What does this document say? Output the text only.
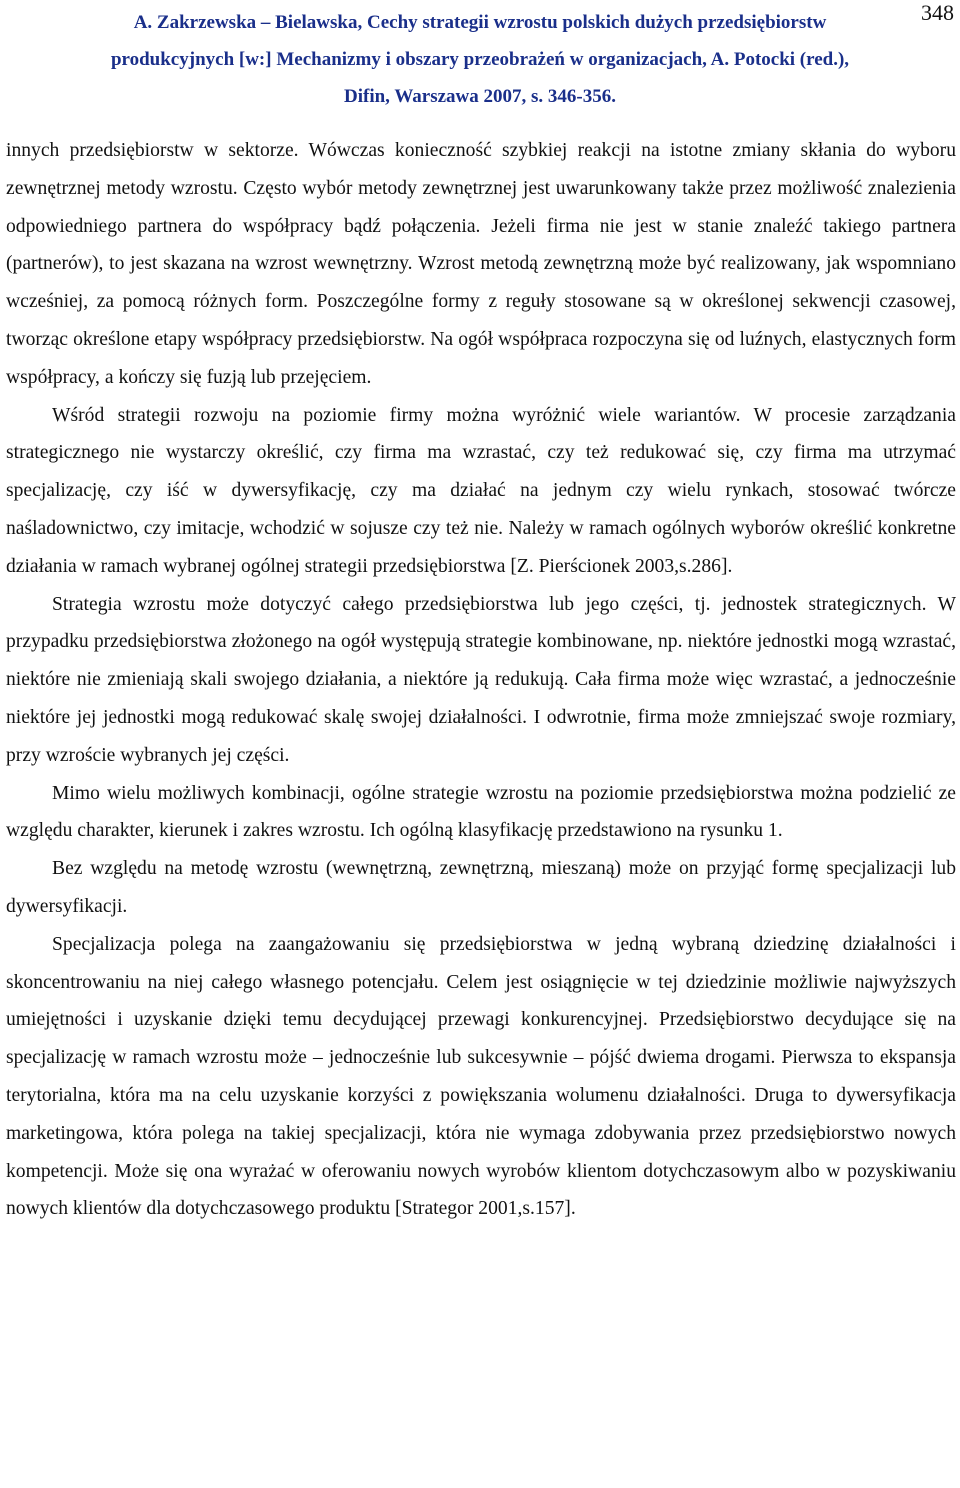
348
A. Zakrzewska – Bielawska, Cechy strategii wzrostu polskich dużych przedsiębiorstw
produkcyjnych [w:] Mechanizmy i obszary przeobrażeń w organizacjach, A. Potocki (red.),
Difin, Warszawa 2007, s. 346-356.

innych przedsiębiorstw w sektorze. Wówczas konieczność szybkiej reakcji na istotne zmiany skłania do wyboru zewnętrznej metody wzrostu. Często wybór metody zewnętrznej jest uwarunkowany także przez możliwość znalezienia odpowiedniego partnera do współpracy bądź połączenia. Jeżeli firma nie jest w stanie znaleźć takiego partnera (partnerów), to jest skazana na wzrost wewnętrzny. Wzrost metodą zewnętrzną może być realizowany, jak wspomniano wcześniej, za pomocą różnych form. Poszczególne formy z reguły stosowane są w określonej sekwencji czasowej, tworząc określone etapy współpracy przedsiębiorstw. Na ogół współpraca rozpoczyna się od luźnych, elastycznych form współpracy, a kończy się fuzją lub przejęciem.

Wśród strategii rozwoju na poziomie firmy można wyróżnić wiele wariantów. W procesie zarządzania strategicznego nie wystarczy określić, czy firma ma wzrastać, czy też redukować się, czy firma ma utrzymać specjalizację, czy iść w dywersyfikację, czy ma działać na jednym czy wielu rynkach, stosować twórcze naśladownictwo, czy imitacje, wchodzić w sojusze czy też nie. Należy w ramach ogólnych wyborów określić konkretne działania w ramach wybranej ogólnej strategii przedsiębiorstwa [Z. Pierścionek 2003,s.286].

Strategia wzrostu może dotyczyć całego przedsiębiorstwa lub jego części, tj. jednostek strategicznych. W przypadku przedsiębiorstwa złożonego na ogół występują strategie kombinowane, np. niektóre jednostki mogą wzrastać, niektóre nie zmieniają skali swojego działania, a niektóre ją redukują. Cała firma może więc wzrastać, a jednocześnie niektóre jej jednostki mogą redukować skalę swojej działalności. I odwrotnie, firma może zmniejszać swoje rozmiary, przy wzroście wybranych jej części.

Mimo wielu możliwych kombinacji, ogólne strategie wzrostu na poziomie przedsiębiorstwa można podzielić ze względu charakter, kierunek i zakres wzrostu. Ich ogólną klasyfikację przedstawiono na rysunku 1.

Bez względu na metodę wzrostu (wewnętrzną, zewnętrzną, mieszaną) może on przyjąć formę specjalizacji lub dywersyfikacji.

Specjalizacja polega na zaangażowaniu się przedsiębiorstwa w jedną wybraną dziedzinę działalności i skoncentrowaniu na niej całego własnego potencjału. Celem jest osiągnięcie w tej dziedzinie możliwie najwyższych umiejętności i uzyskanie dzięki temu decydującej przewagi konkurencyjnej. Przedsiębiorstwo decydujące się na specjalizację w ramach wzrostu może – jednocześnie lub sukcesywnie – pójść dwiema drogami. Pierwsza to ekspansja terytorialna, która ma na celu uzyskanie korzyści z powiększania wolumenu działalności. Druga to dywersyfikacja marketingowa, która polega na takiej specjalizacji, która nie wymaga zdobywania przez przedsiębiorstwo nowych kompetencji. Może się ona wyrażać w oferowaniu nowych wyrobów klientom dotychczasowym albo w pozyskiwaniu nowych klientów dla dotychczasowego produktu [Strategor 2001,s.157].
